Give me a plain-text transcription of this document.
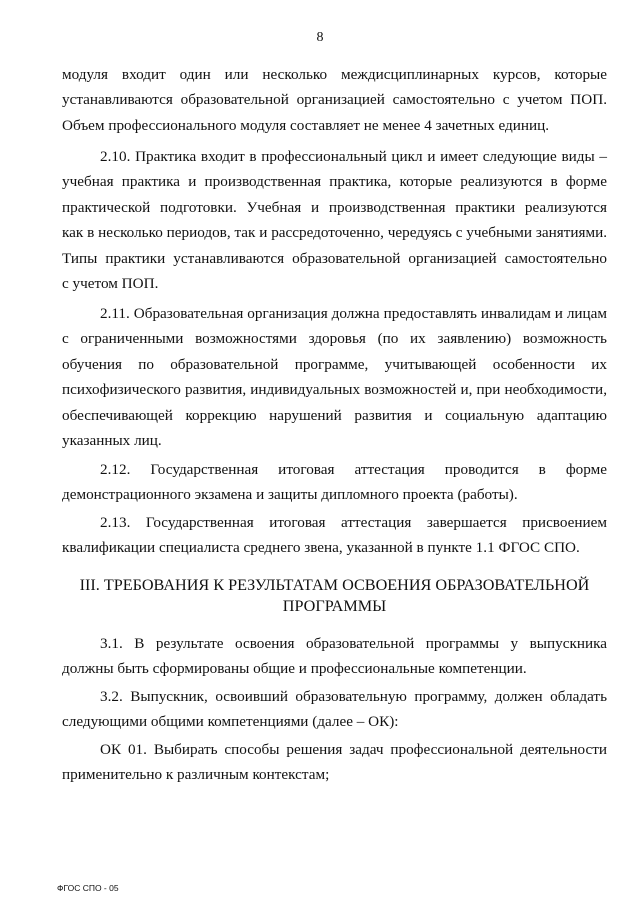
8
модуля входит один или несколько междисциплинарных курсов, которые
устанавливаются образовательной организацией самостоятельно с учетом ПОП.
Объем профессионального модуля составляет не менее 4 зачетных единиц.
2.10. Практика входит в профессиональный цикл и имеет следующие виды –
учебная практика и производственная практика, которые реализуются в форме
практической подготовки. Учебная и производственная практики реализуются
как в несколько периодов, так и рассредоточенно, чередуясь с учебными занятиями.
Типы практики устанавливаются образовательной организацией самостоятельно
с учетом ПОП.
2.11. Образовательная организация должна предоставлять инвалидам и лицам
с ограниченными возможностями здоровья (по их заявлению) возможность
обучения по образовательной программе, учитывающей особенности их
психофизического развития, индивидуальных возможностей и, при необходимости,
обеспечивающей коррекцию нарушений развития и социальную адаптацию
указанных лиц.
2.12. Государственная итоговая аттестация проводится в форме
демонстрационного экзамена и защиты дипломного проекта (работы).
2.13. Государственная итоговая аттестация завершается присвоением
квалификации специалиста среднего звена, указанной в пункте 1.1 ФГОС СПО.
III. ТРЕБОВАНИЯ К РЕЗУЛЬТАТАМ ОСВОЕНИЯ ОБРАЗОВАТЕЛЬНОЙ
ПРОГРАММЫ
3.1. В результате освоения образовательной программы у выпускника
должны быть сформированы общие и профессиональные компетенции.
3.2. Выпускник, освоивший образовательную программу, должен обладать
следующими общими компетенциями (далее – ОК):
ОК 01. Выбирать способы решения задач профессиональной деятельности
применительно к различным контекстам;
ФГОС СПО - 05
